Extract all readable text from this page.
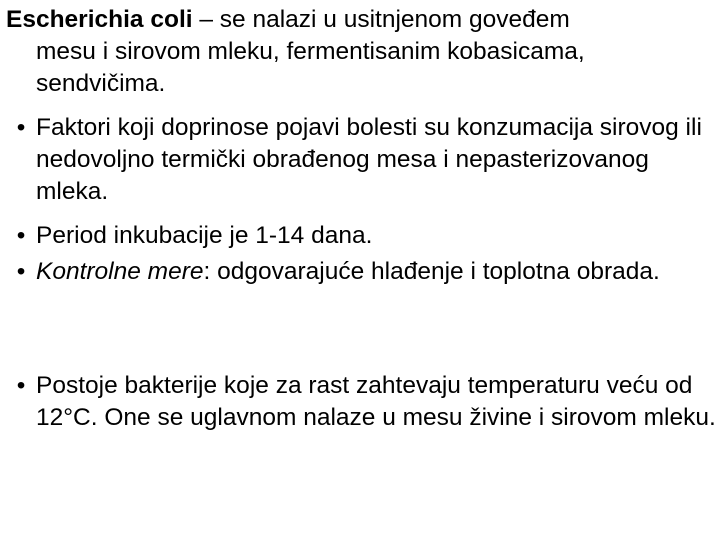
Escherichia coli – se nalazi u usitnjenom goveđem
mesu i sirovom mleku, fermentisanim kobasicama, sendvičima.
• Faktori koji doprinose pojavi bolesti su konzumacija sirovog ili nedovoljno termički obrađenog mesa i nepasterizovanog mleka.
• Period inkubacije je 1-14 dana.
• Kontrolne mere: odgovarajuće hlađenje i toplotna obrada.
• Postoje bakterije koje za rast zahtevaju temperaturu veću od 12°C. One se uglavnom nalaze u mesu živine i sirovom mleku.
